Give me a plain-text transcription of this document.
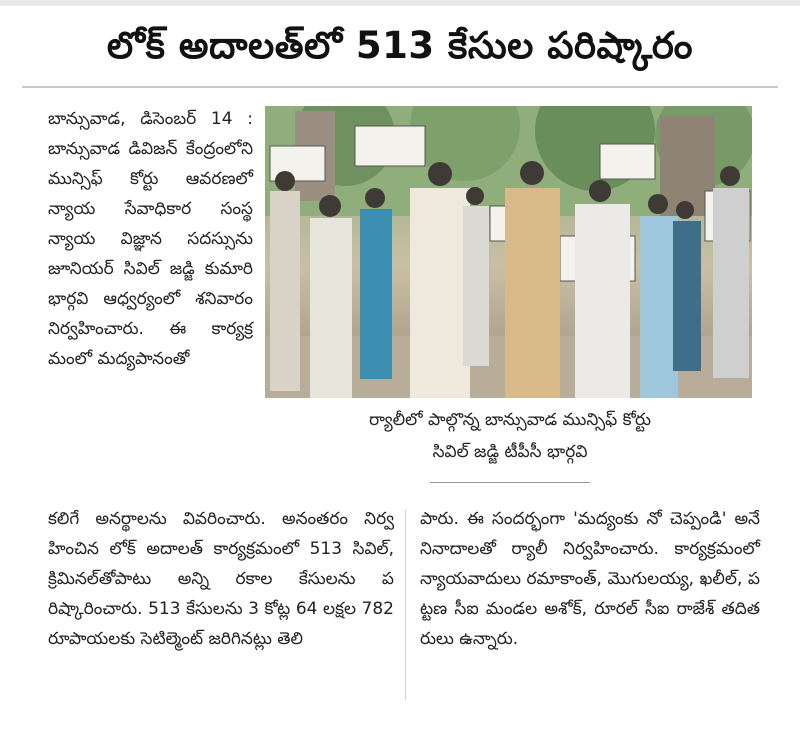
లోక్ అదాలత్‌లో 513 కేసుల పరిష్కారం
బాన్సువాడ, డిసెంబర్ 14 : బాన్సువాడ డివిజన్ కేంద్రంలోని మున్సిఫ్ కోర్టు ఆవరణలో న్యాయ సేవాధికార సంస్థ న్యాయ విజ్ఞాన సదస్సును జూనియర్ సివిల్ జడ్జి కుమారి భార్గవి ఆధ్వర్యంలో శనివారం నిర్వహించారు. ఈ కార్యక్రమంలో మద్యపానంతో
ర్యాలీలో పాల్గొన్న బాన్సువాడ మున్సిఫ్ కోర్టు
సివిల్ జడ్జి టీపీసీ భార్గవి
కలిగే అనర్థాలను వివరించారు. అనంతరం నిర్వహించిన లోక్ అదాలత్ కార్యక్రమంలో 513 సివిల్, క్రిమినల్‌తోపాటు అన్ని రకాల కేసులను పరిష్కారించారు. 513 కేసులను 3 కోట్ల 64 లక్షల 782 రూపాయలకు సెటిల్మెంట్ జరిగినట్లు తెలి
పారు. ఈ సందర్భంగా 'మద్యంకు నో చెప్పండి' అనే నినాదాలతో ర్యాలీ నిర్వహించారు. కార్యక్రమంలో న్యాయవాదులు రమాకాంత్, మొగులయ్య, ఖలీల్, పట్టణ సీఐ మండల అశోక్, రూరల్ సీఐ రాజేశ్ తదితరులు ఉన్నారు.
